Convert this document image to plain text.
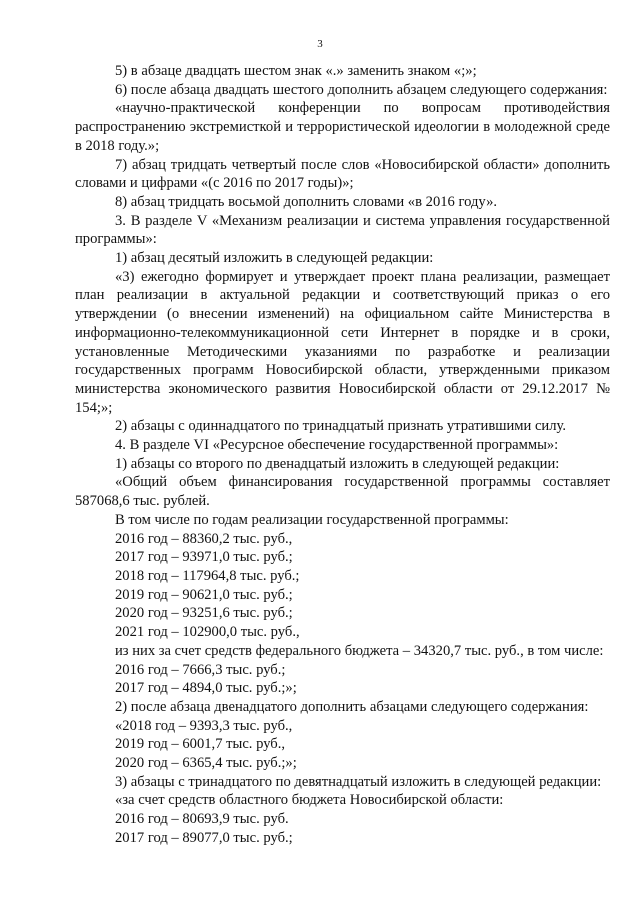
3

5) в абзаце двадцать шестом знак «.» заменить знаком «;»;

6) после абзаца двадцать шестого дополнить абзацем следующего содержания:

«научно-практической конференции по вопросам противодействия распространению экстремисткой и террористической идеологии в молодежной среде в 2018 году.»;

7) абзац тридцать четвертый после слов «Новосибирской области» дополнить словами и цифрами «(с 2016 по 2017 годы)»;

8) абзац тридцать восьмой дополнить словами «в 2016 году».

3. В разделе V «Механизм реализации и система управления государственной программы»:

1) абзац десятый изложить в следующей редакции:

«3) ежегодно формирует и утверждает проект плана реализации, размещает план реализации в актуальной редакции и соответствующий приказ о его утверждении (о внесении изменений) на официальном сайте Министерства в информационно-телекоммуникационной сети Интернет в порядке и в сроки, установленные Методическими указаниями по разработке и реализации государственных программ Новосибирской области, утвержденными приказом министерства экономического развития Новосибирской области от 29.12.2017 № 154;»;

2) абзацы с одиннадцатого по тринадцатый признать утратившими силу.

4. В разделе VI «Ресурсное обеспечение государственной программы»:

1) абзацы со второго по двенадцатый изложить в следующей редакции:

«Общий объем финансирования государственной программы составляет 587068,6 тыс. рублей.

В том числе по годам реализации государственной программы:

2016 год – 88360,2 тыс. руб.,

2017 год – 93971,0 тыс. руб.;

2018 год – 117964,8 тыс. руб.;

2019 год – 90621,0 тыс. руб.;

2020 год – 93251,6 тыс. руб.;

2021 год – 102900,0 тыс. руб.,

из них за счет средств федерального бюджета – 34320,7 тыс. руб., в том числе:

2016 год – 7666,3 тыс. руб.;

2017 год – 4894,0 тыс. руб.;»;

2) после абзаца двенадцатого дополнить абзацами следующего содержания:

«2018 год – 9393,3 тыс. руб.,

2019 год – 6001,7 тыс. руб.,

2020 год – 6365,4 тыс. руб.;»;

3) абзацы с тринадцатого по девятнадцатый изложить в следующей редакции:

«за счет средств областного бюджета Новосибирской области:

2016 год – 80693,9 тыс. руб.

2017 год – 89077,0 тыс. руб.;
